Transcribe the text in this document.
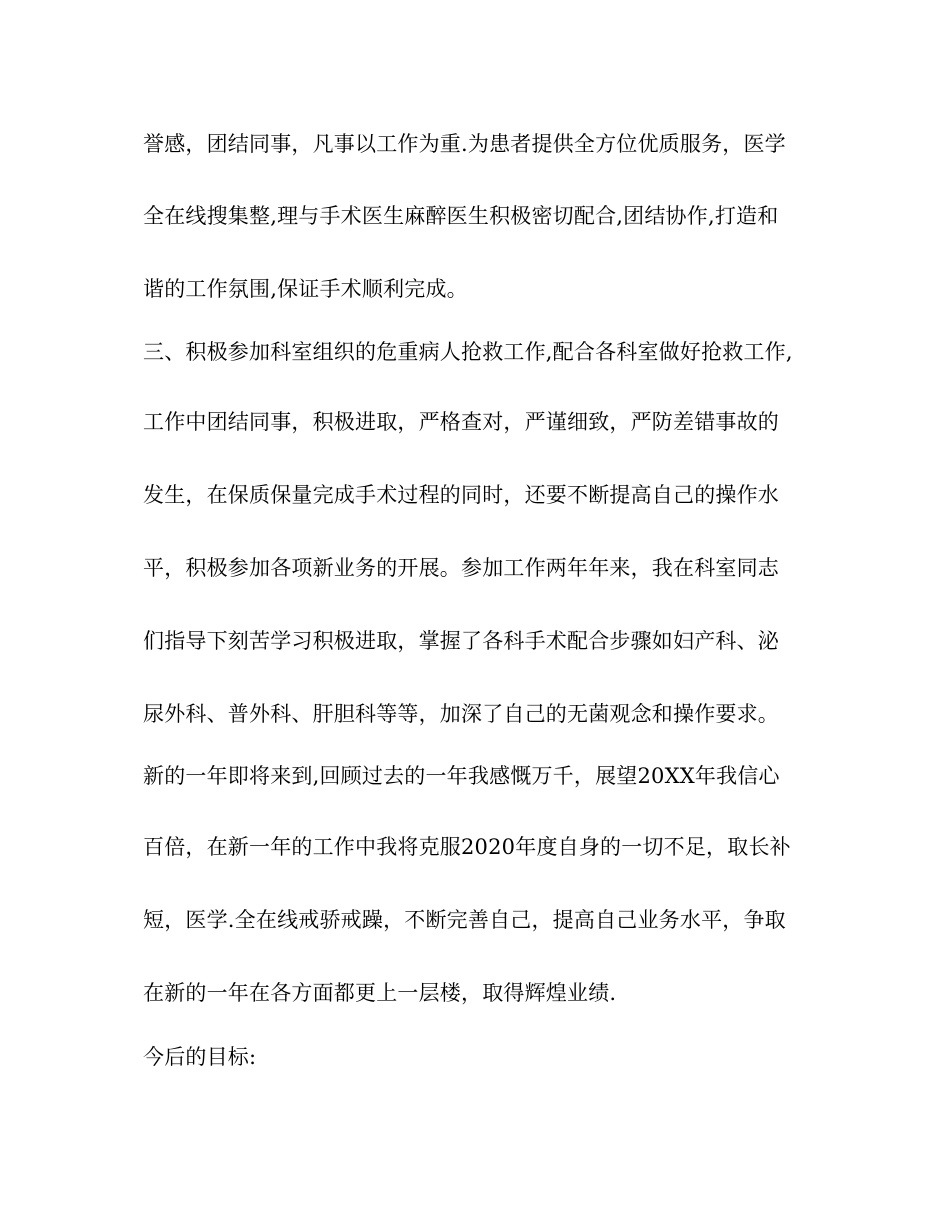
誉感，团结同事，凡事以工作为重.为患者提供全方位优质服务，医学
全在线搜集整,理与手术医生麻醉医生积极密切配合,团结协作,打造和
谐的工作氛围,保证手术顺利完成。
三、积极参加科室组织的危重病人抢救工作,配合各科室做好抢救工作,
工作中团结同事，积极进取，严格查对，严谨细致，严防差错事故的
发生，在保质保量完成手术过程的同时，还要不断提高自己的操作水
平，积极参加各项新业务的开展。参加工作两年年来，我在科室同志
们指导下刻苦学习积极进取，掌握了各科手术配合步骤如妇产科、泌
尿外科、普外科、肝胆科等等，加深了自己的无菌观念和操作要求。
新的一年即将来到,回顾过去的一年我感慨万千，展望20XX年我信心
百倍，在新一年的工作中我将克服2020年度自身的一切不足，取长补
短，医学.全在线戒骄戒躁，不断完善自己，提高自己业务水平，争取
在新的一年在各方面都更上一层楼，取得辉煌业绩.
今后的目标:
